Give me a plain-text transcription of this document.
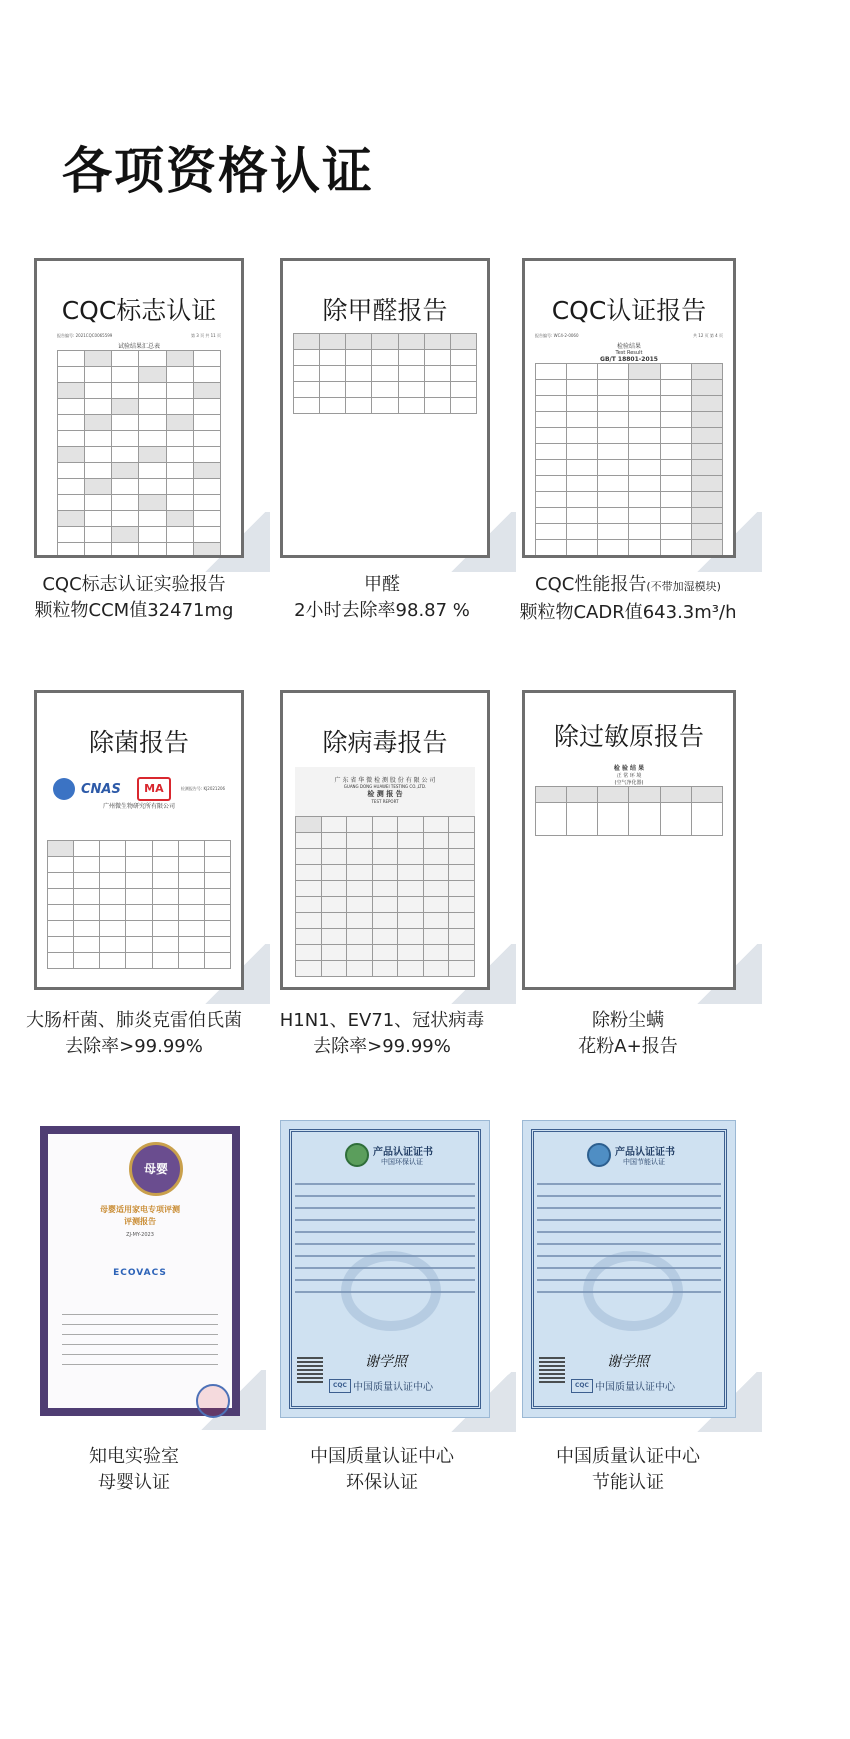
各项资格认证

CQC标志认证

报告编号: 2021CQC0065599	第 3 页 共 11 页
试验结果汇总表

CQC标志认证实验报告
颗粒物CCM值32471mg

除甲醛报告

甲醛
2小时去除率98.87 %

CQC认证报告

报告编号: WC4-2-0060	共 12 页 第 4 页
检验结果
Test Result
GB/T 18801-2015

CQC性能报告(不带加湿模块)
颗粒物CADR值643.3m³/h

除菌报告

CNAS	MA	检测报告号: KJ2021206
广州微生物研究所有限公司

大肠杆菌、肺炎克雷伯氏菌
去除率>99.99%

除病毒报告

广 东 省 华 微 检 测 股 份 有 限 公 司
GUANG DONG HUAWEI TESTING CO.,LTD.
检 测 报 告
TEST REPORT

H1N1、EV71、冠状病毒
去除率>99.99%

除过敏原报告

检 验 结 果
正 常 环 境
(空气净化器)

除粉尘螨
花粉A+报告
母婴
母婴适用家电专项评测
评测报告
ZJ-MY-2023
ECOVACS
知电实验室
母婴认证
产品认证证书
中国环保认证
谢学照
CQC 中国质量认证中心
中国质量认证中心
环保认证
产品认证证书
中国节能认证
谢学照
CQC 中国质量认证中心
中国质量认证中心
节能认证
